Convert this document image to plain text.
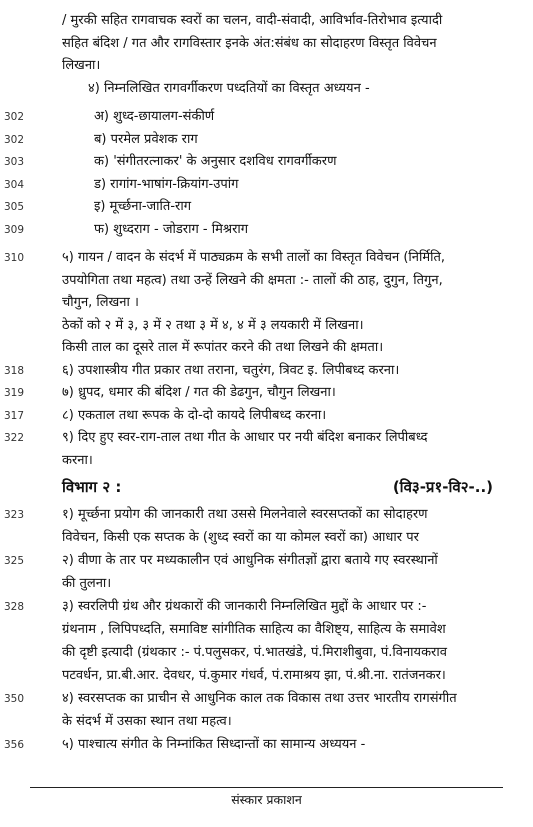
/ मुरकी सहित रागवाचक स्वरों का चलन, वादी-संवादी, आविर्भाव-तिरोभाव इत्यादी
सहित बंदिश / गत और रागविस्तार इनके अंत:संबंध का सोदाहरण विस्तृत विवेचन
लिखना।
४) निम्नलिखित रागवर्गीकरण पध्दतियों का विस्तृत अध्ययन -
302	अ) शुध्द-छायालग-संकीर्ण
302	ब) परमेल प्रवेशक राग
303	क) 'संगीतरत्नाकर' के अनुसार दशविध रागवर्गीकरण
304	ड) रागांग-भाषांग-क्रियांग-उपांग
305	इ) मूर्च्छना-जाति-राग
309	फ) शुध्दराग - जोडराग - मिश्रराग
310	५) गायन / वादन के संदर्भ में पाठ्यक्रम के सभी तालों का विस्तृत विवेचन (निर्मिति,
उपयोगिता तथा महत्व) तथा उन्हें लिखने की क्षमता :- तालों की ठाह, दुगुन, तिगुन,
चौगुन, लिखना ।
ठेकों को २ में ३, ३ में २ तथा ३ में ४, ४ में ३ लयकारी में लिखना।
किसी ताल का दूसरे ताल में रूपांतर करने की तथा लिखने की क्षमता।
318	६) उपशास्त्रीय गीत प्रकार तथा तराना, चतुरंग, त्रिवट इ. लिपीबध्द करना।
319	७) ध्रुपद, धमार की बंदिश / गत की डेढगुन, चौगुन लिखना।
317	८) एकताल तथा रूपक के दो-दो कायदे लिपीबध्द करना।
322	९) दिए हुए स्वर-राग-ताल तथा गीत के आधार पर नयी बंदिश बनाकर लिपीबध्द
करना।
विभाग २ :	(वि३-प्र१-वि२-..)
323	१) मूर्च्छना प्रयोग की जानकारी तथा उससे मिलनेवाले स्वरसप्तकों का सोदाहरण
विवेचन, किसी एक सप्तक के (शुध्द स्वरों का या कोमल स्वरों का) आधार पर
325	२) वीणा के तार पर मध्यकालीन एवं आधुनिक संगीतज्ञों द्वारा बताये गए स्वरस्थानों
की तुलना।
328	३) स्वरलिपी ग्रंथ और ग्रंथकारों की जानकारी निम्नलिखित मुद्दों के आधार पर :-
ग्रंथनाम , लिपिपध्दति, समाविष्ट सांगीतिक साहित्य का वैशिष्ट्य, साहित्य के समावेश
की दृष्टी इत्यादी (ग्रंथकार :- पं.पलुसकर, पं.भातखंडे, पं.मिराशीबुवा, पं.विनायकराव
पटवर्धन, प्रा.बी.आर. देवधर, पं.कुमार गंधर्व, पं.रामाश्रय झा, पं.श्री.ना. रातंजनकर।
350	४) स्वरसप्तक का प्राचीन से आधुनिक काल तक विकास तथा उत्तर भारतीय रागसंगीत
के संदर्भ में उसका स्थान तथा महत्व।
356	५) पाश्चात्य संगीत के निम्नांकित सिध्दान्तों का सामान्य अध्ययन -
संस्कार प्रकाशन
